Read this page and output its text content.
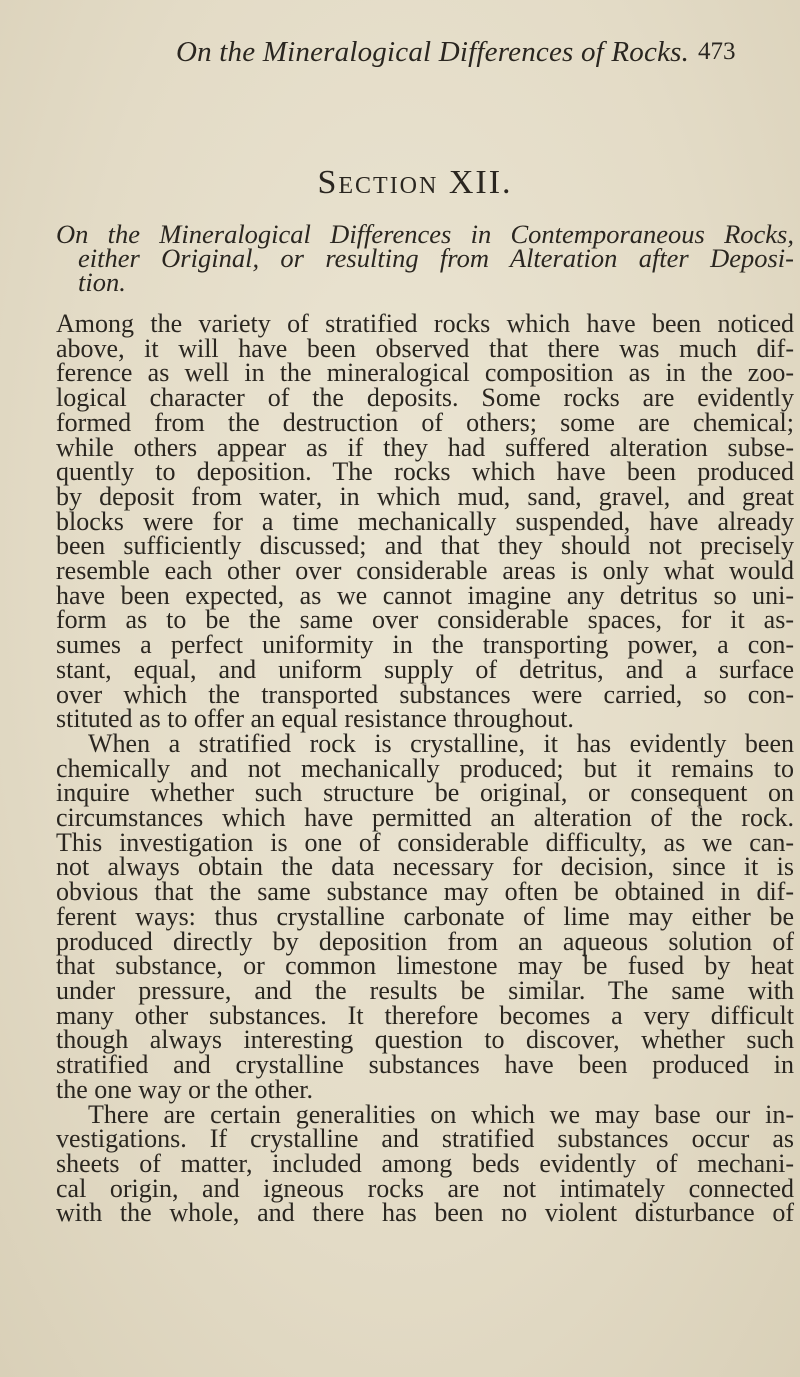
On the Mineralogical Differences of Rocks. 473
Section XII.
On the Mineralogical Differences in Contemporaneous Rocks,
either Original, or resulting from Alteration after Deposi-
tion.
Among the variety of stratified rocks which have been noticed
above, it will have been observed that there was much dif-
ference as well in the mineralogical composition as in the zoo-
logical character of the deposits. Some rocks are evidently
formed from the destruction of others; some are chemical;
while others appear as if they had suffered alteration subse-
quently to deposition. The rocks which have been produced
by deposit from water, in which mud, sand, gravel, and great
blocks were for a time mechanically suspended, have already
been sufficiently discussed; and that they should not precisely
resemble each other over considerable areas is only what would
have been expected, as we cannot imagine any detritus so uni-
form as to be the same over considerable spaces, for it as-
sumes a perfect uniformity in the transporting power, a con-
stant, equal, and uniform supply of detritus, and a surface
over which the transported substances were carried, so con-
stituted as to offer an equal resistance throughout.
When a stratified rock is crystalline, it has evidently been
chemically and not mechanically produced; but it remains to
inquire whether such structure be original, or consequent on
circumstances which have permitted an alteration of the rock.
This investigation is one of considerable difficulty, as we can-
not always obtain the data necessary for decision, since it is
obvious that the same substance may often be obtained in dif-
ferent ways: thus crystalline carbonate of lime may either be
produced directly by deposition from an aqueous solution of
that substance, or common limestone may be fused by heat
under pressure, and the results be similar. The same with
many other substances. It therefore becomes a very difficult
though always interesting question to discover, whether such
stratified and crystalline substances have been produced in
the one way or the other.
There are certain generalities on which we may base our in-
vestigations. If crystalline and stratified substances occur as
sheets of matter, included among beds evidently of mechani-
cal origin, and igneous rocks are not intimately connected
with the whole, and there has been no violent disturbance of
